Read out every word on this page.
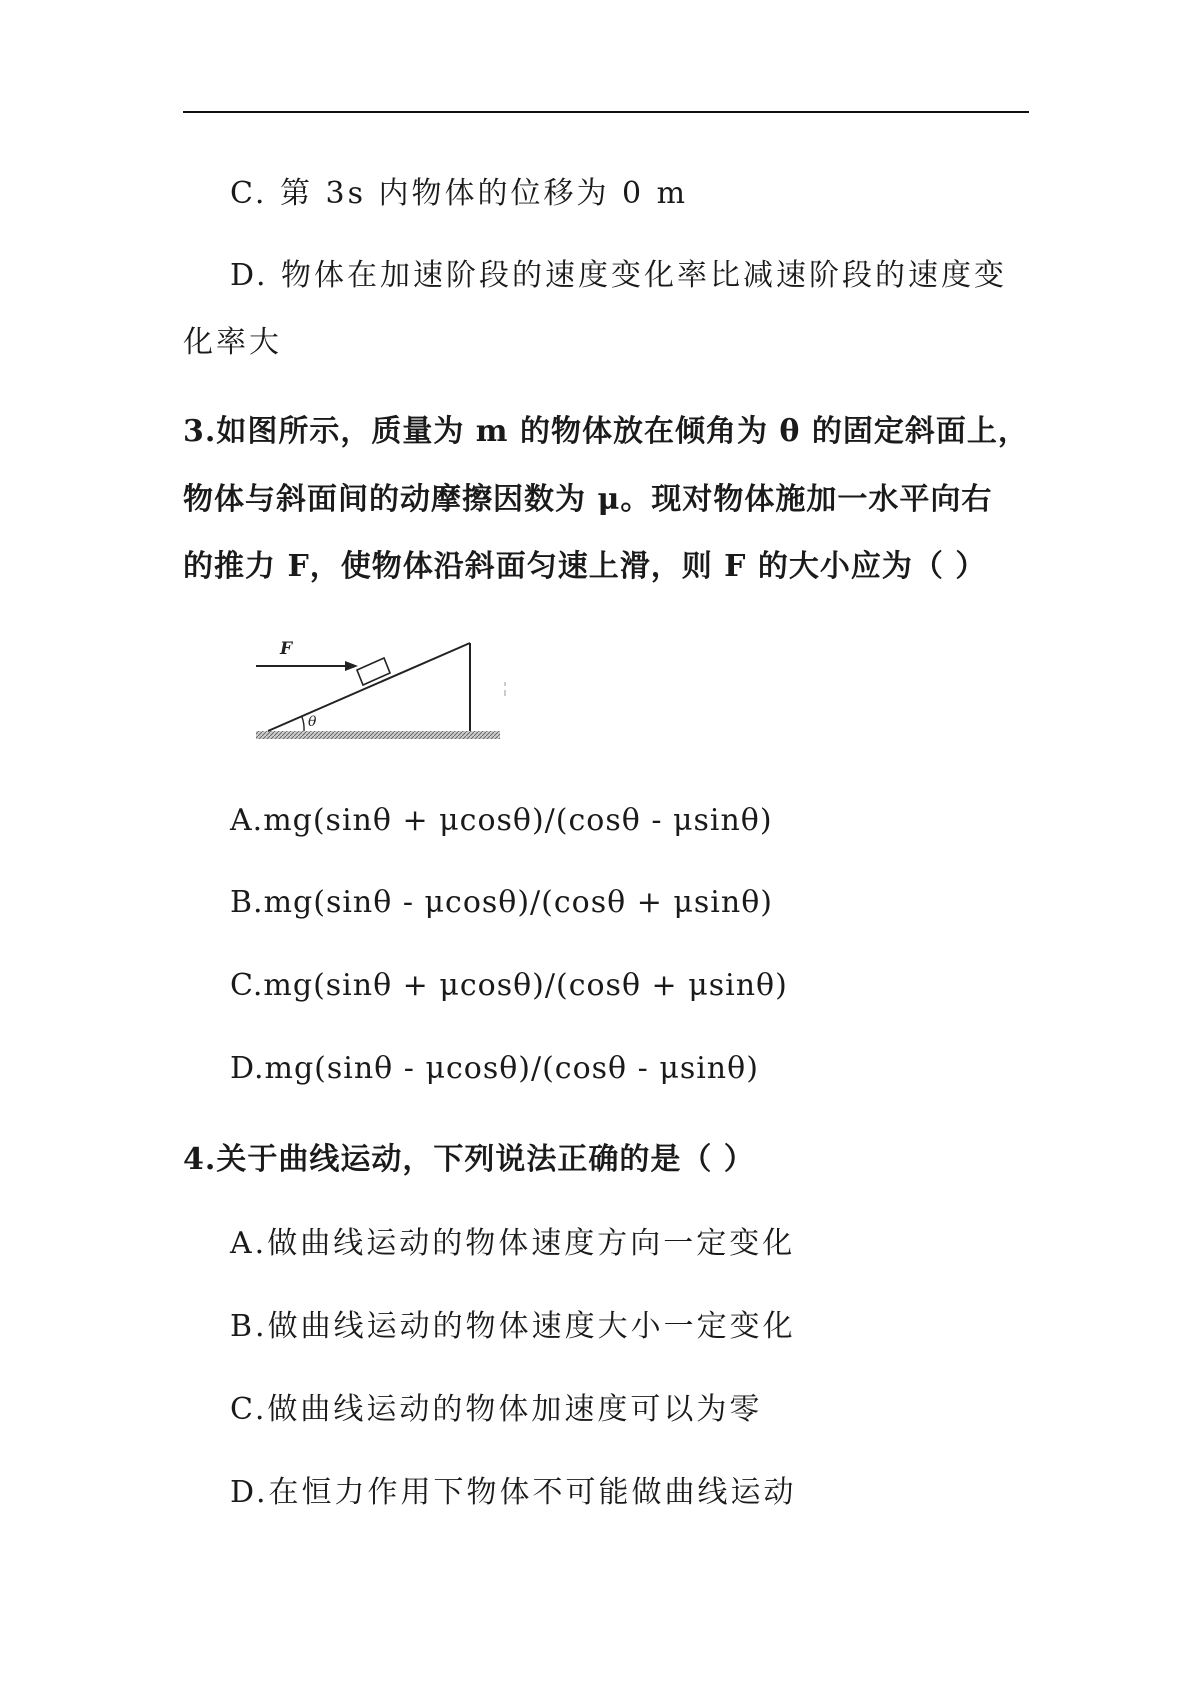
C. 第 3s 内物体的位移为 0 m
D. 物体在加速阶段的速度变化率比减速阶段的速度变
化率大
3.如图所示，质量为 m 的物体放在倾角为 θ 的固定斜面上，
物体与斜面间的动摩擦因数为 μ。现对物体施加一水平向右
的推力 F，使物体沿斜面匀速上滑，则 F 的大小应为（ ）
F
θ
A.mg(sinθ + μcosθ)/(cosθ - μsinθ)
B.mg(sinθ - μcosθ)/(cosθ + μsinθ)
C.mg(sinθ + μcosθ)/(cosθ + μsinθ)
D.mg(sinθ - μcosθ)/(cosθ - μsinθ)
4.关于曲线运动，下列说法正确的是（ ）
A.做曲线运动的物体速度方向一定变化
B.做曲线运动的物体速度大小一定变化
C.做曲线运动的物体加速度可以为零
D.在恒力作用下物体不可能做曲线运动
